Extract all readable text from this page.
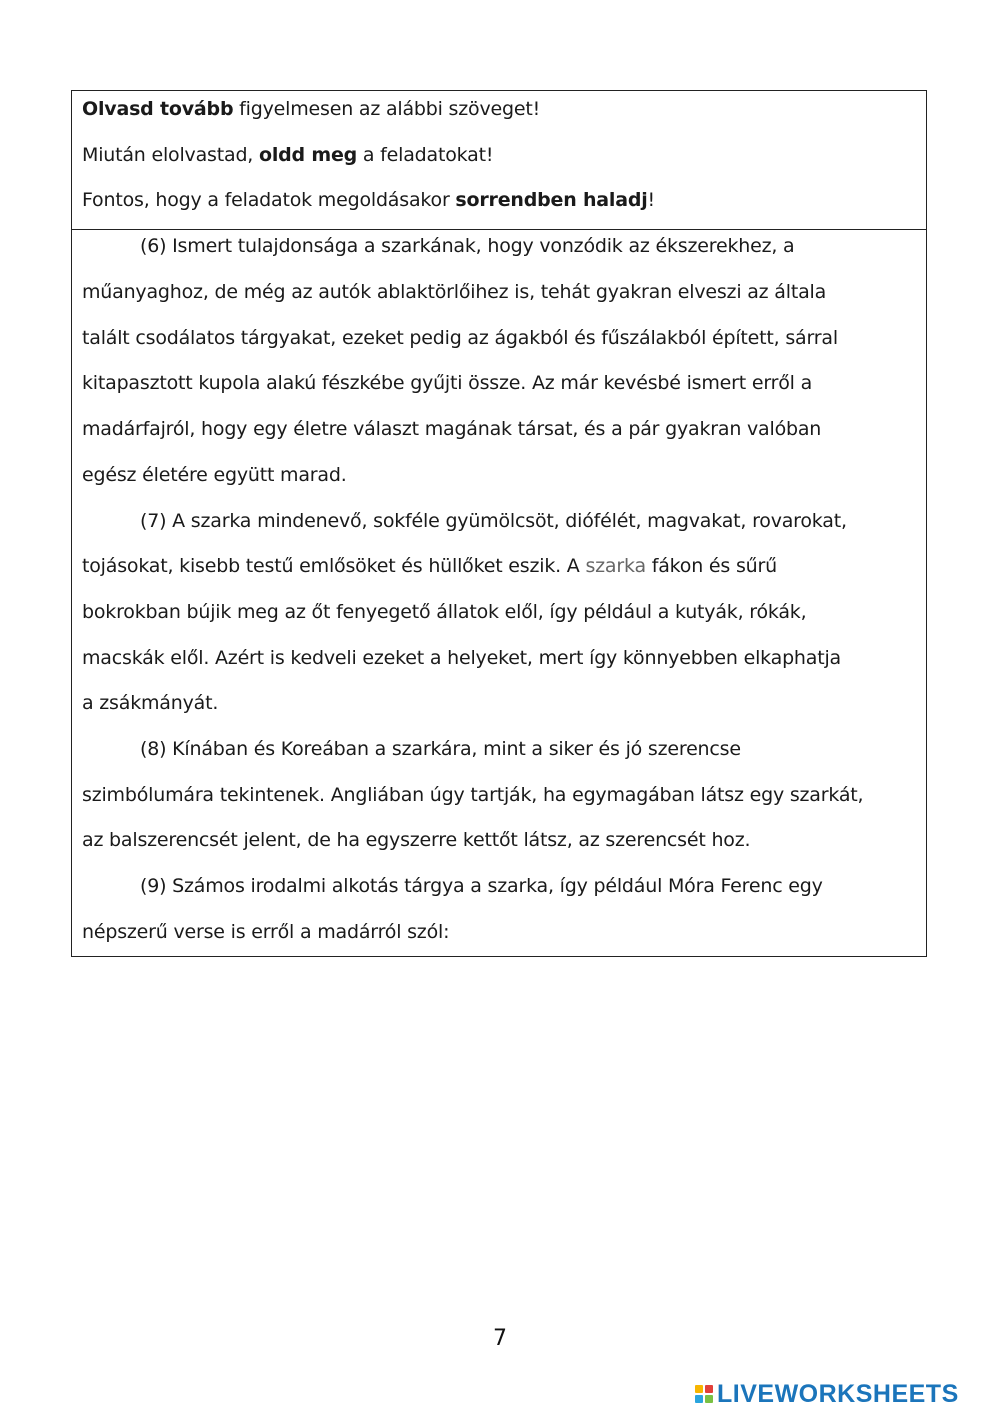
Olvasd tovább figyelmesen az alábbi szöveget!
Miután elolvastad, oldd meg a feladatokat!
Fontos, hogy a feladatok megoldásakor sorrendben haladj!
(6) Ismert tulajdonsága a szarkának, hogy vonzódik az ékszerekhez, a
műanyaghoz, de még az autók ablaktörlőihez is, tehát gyakran elveszi az általa
talált csodálatos tárgyakat, ezeket pedig az ágakból és fűszálakból épített, sárral
kitapasztott kupola alakú fészkébe gyűjti össze. Az már kevésbé ismert erről a
madárfajról, hogy egy életre választ magának társat, és a pár gyakran valóban
egész életére együtt marad.
(7) A szarka mindenevő, sokféle gyümölcsöt, diófélét, magvakat, rovarokat,
tojásokat, kisebb testű emlősöket és hüllőket eszik. A szarka fákon és sűrű
bokrokban bújik meg az őt fenyegető állatok elől, így például a kutyák, rókák,
macskák elől. Azért is kedveli ezeket a helyeket, mert így könnyebben elkaphatja
a zsákmányát.
(8) Kínában és Koreában a szarkára, mint a siker és jó szerencse
szimbólumára tekintenek. Angliában úgy tartják, ha egymagában látsz egy szarkát,
az balszerencsét jelent, de ha egyszerre kettőt látsz, az szerencsét hoz.
(9) Számos irodalmi alkotás tárgya a szarka, így például Móra Ferenc egy
népszerű verse is erről a madárról szól:
7
LIVEWORKSHEETS
